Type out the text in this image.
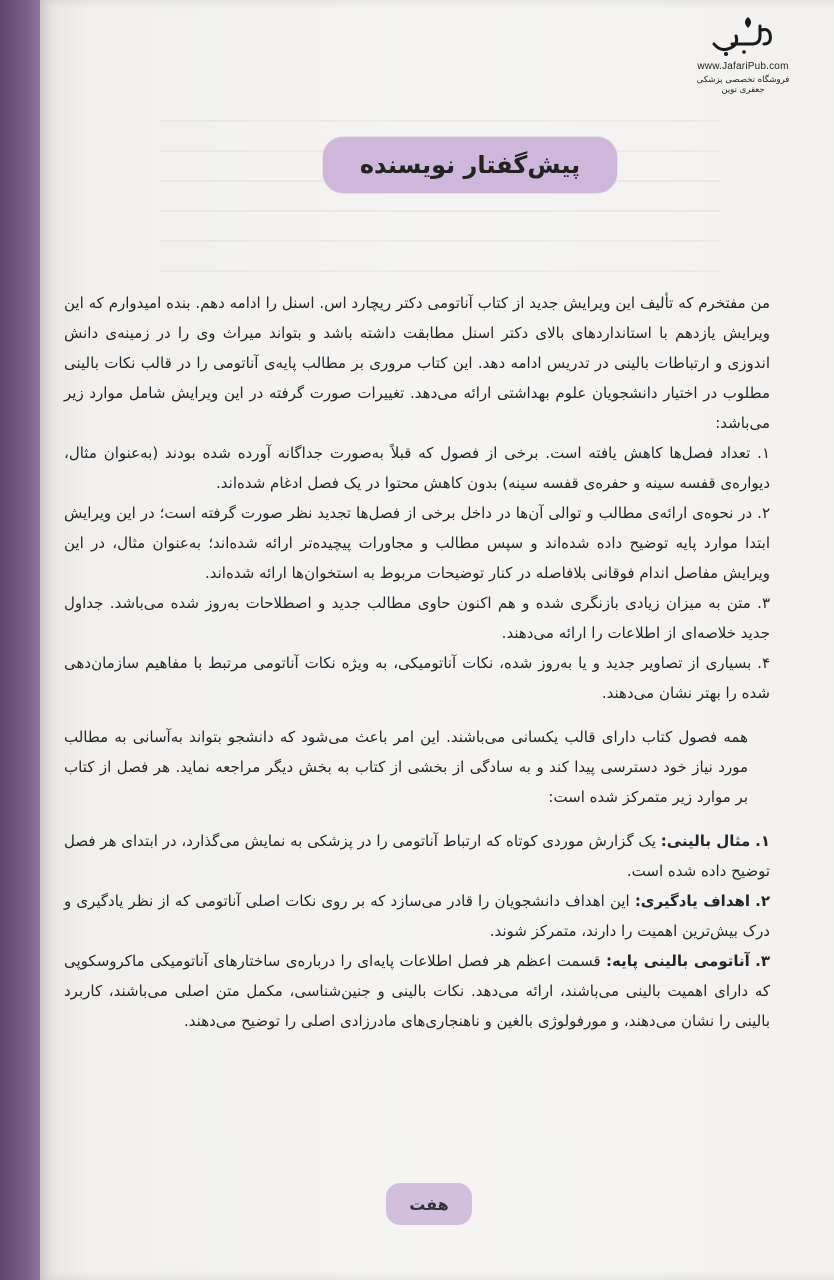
www.JafariPub.com
فروشگاه تخصصی پزشکی جعفری نوین
پیش‌گفتار نویسنده

من مفتخرم که تألیف این ویرایش جدید از کتاب آناتومی دکتر ریچارد اس. اسنل را ادامه دهم. بنده امیدوارم که این ویرایش یازدهم با استانداردهای بالای دکتر اسنل مطابقت داشته باشد و بتواند میراث وی را در زمینه‌ی دانش اندوزی و ارتباطات بالینی در تدریس ادامه دهد. این کتاب مروری بر مطالب پایه‌ی آناتومی را در قالب نکات بالینی مطلوب در اختیار دانشجویان علوم بهداشتی ارائه می‌دهد. تغییرات صورت گرفته در این ویرایش شامل موارد زیر می‌باشد:

۱. تعداد فصل‌ها کاهش یافته است. برخی از فصول که قبلاً به‌صورت جداگانه آورده شده بودند (به‌عنوان مثال، دیواره‌ی قفسه سینه و حفره‌ی قفسه سینه) بدون کاهش محتوا در یک فصل ادغام شده‌اند.

۲. در نحوه‌ی ارائه‌ی مطالب و توالی آن‌ها در داخل برخی از فصل‌ها تجدید نظر صورت گرفته است؛ در این ویرایش ابتدا موارد پایه توضیح داده شده‌اند و سپس مطالب و مجاورات پیچیده‌تر ارائه شده‌اند؛ به‌عنوان مثال، در این ویرایش مفاصل اندام فوقانی بلافاصله در کنار توضیحات مربوط به استخوان‌ها ارائه شده‌اند.

۳. متن به میزان زیادی بازنگری شده و هم اکنون حاوی مطالب جدید و اصطلاحات به‌روز شده می‌باشد. جداول جدید خلاصه‌ای از اطلاعات را ارائه می‌دهند.

۴. بسیاری از تصاویر جدید و یا به‌روز شده، نکات آناتومیکی، به ویژه نکات آناتومی مرتبط با مفاهیم سازمان‌دهی شده را بهتر نشان می‌دهند.

همه فصول کتاب دارای قالب یکسانی می‌باشند. این امر باعث می‌شود که دانشجو بتواند به‌آسانی به مطالب مورد نیاز خود دسترسی پیدا کند و به سادگی از بخشی از کتاب به بخش دیگر مراجعه نماید. هر فصل از کتاب بر موارد زیر متمرکز شده است:

۱. مثال بالینی: یک گزارش موردی کوتاه که ارتباط آناتومی را در پزشکی به نمایش می‌گذارد، در ابتدای هر فصل توضیح داده شده است.

۲. اهداف یادگیری: این اهداف دانشجویان را قادر می‌سازد که بر روی نکات اصلی آناتومی که از نظر یادگیری و درک بیش‌ترین اهمیت را دارند، متمرکز شوند.

۳. آناتومی بالینی پایه: قسمت اعظم هر فصل اطلاعات پایه‌ای را درباره‌ی ساختارهای آناتومیکی ماکروسکوپی که دارای اهمیت بالینی می‌باشند، ارائه می‌دهد. نکات بالینی و جنین‌شناسی، مکمل متن اصلی می‌باشند، کاربرد بالینی را نشان می‌دهند، و مورفولوژی بالغین و ناهنجاری‌های مادرزادی اصلی را توضیح می‌دهند.

هفت
